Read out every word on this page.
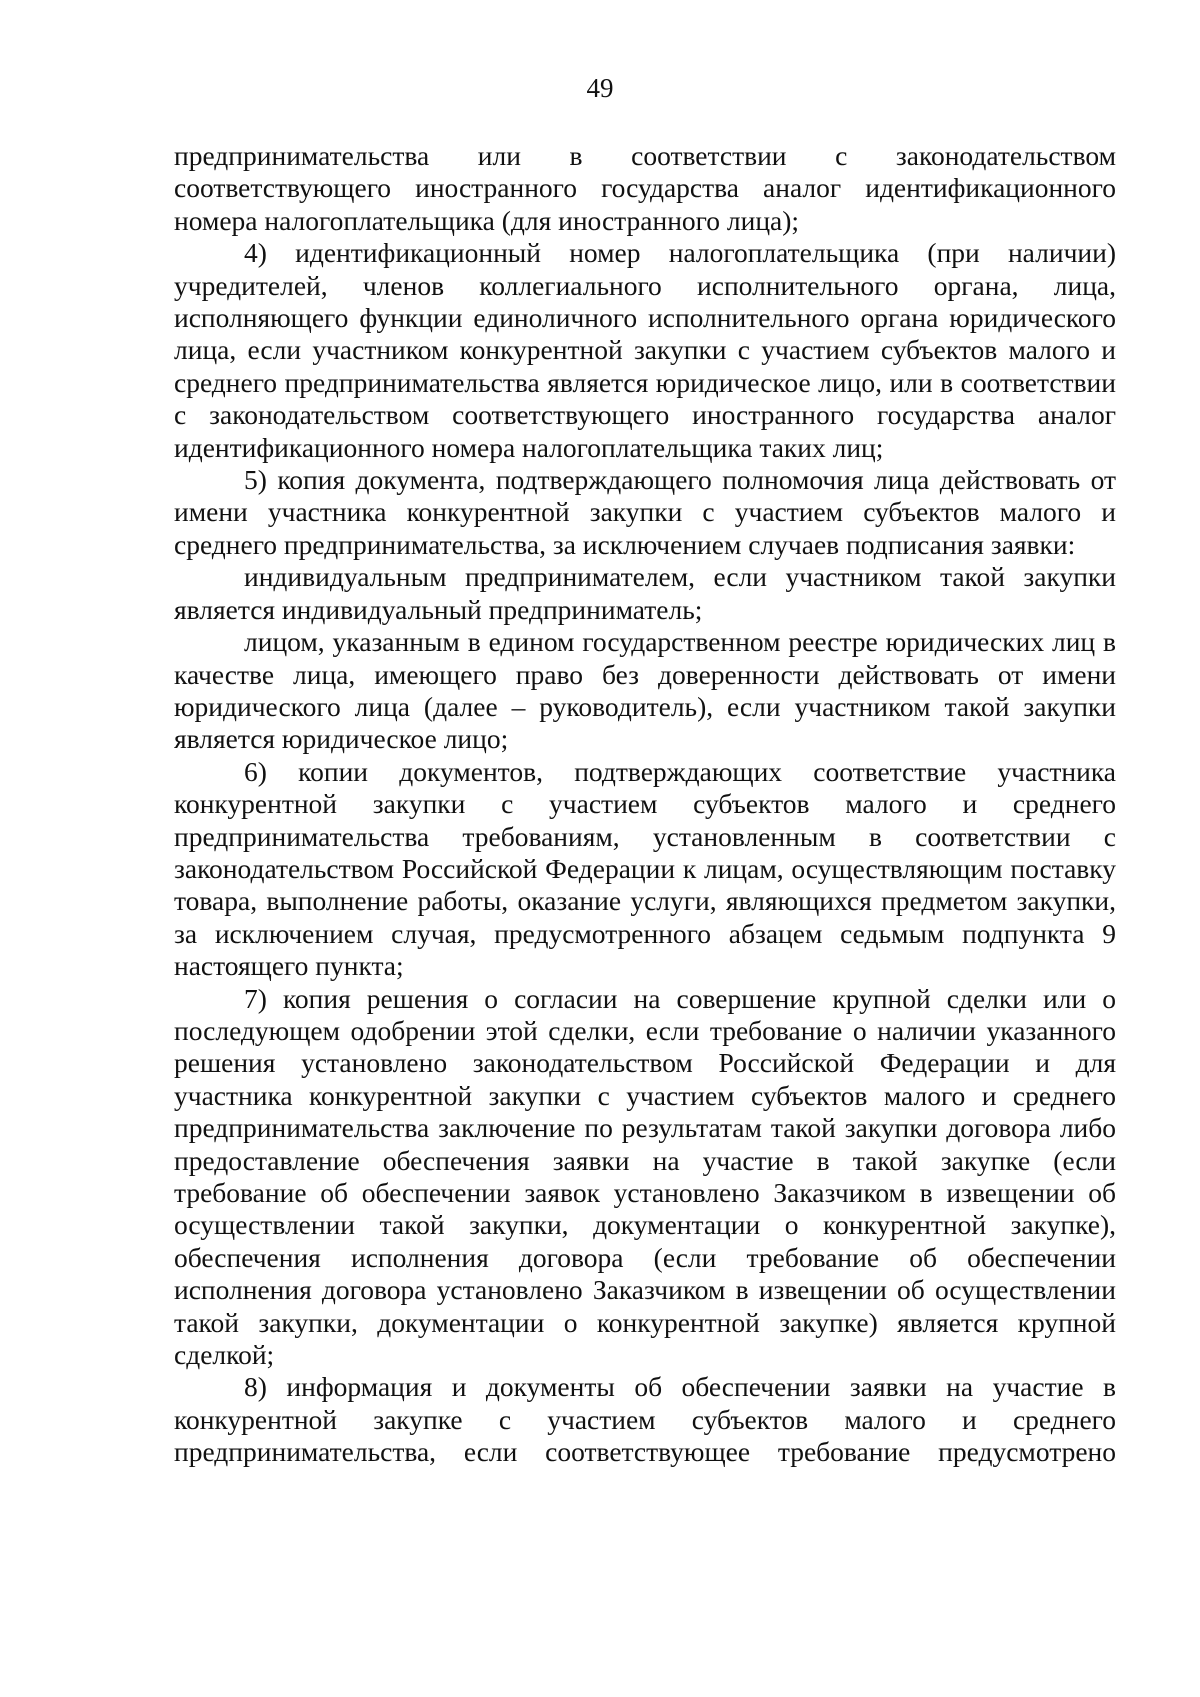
49

предпринимательства или в соответствии с законодательством соответствующего иностранного государства аналог идентификационного номера налогоплательщика (для иностранного лица);

4) идентификационный номер налогоплательщика (при наличии) учредителей, членов коллегиального исполнительного органа, лица, исполняющего функции единоличного исполнительного органа юридического лица, если участником конкурентной закупки с участием субъектов малого и среднего предпринимательства является юридическое лицо, или в соответствии с законодательством соответствующего иностранного государства аналог идентификационного номера налогоплательщика таких лиц;

5) копия документа, подтверждающего полномочия лица действовать от имени участника конкурентной закупки с участием субъектов малого и среднего предпринимательства, за исключением случаев подписания заявки:

индивидуальным предпринимателем, если участником такой закупки является индивидуальный предприниматель;

лицом, указанным в едином государственном реестре юридических лиц в качестве лица, имеющего право без доверенности действовать от имени юридического лица (далее – руководитель), если участником такой закупки является юридическое лицо;

6) копии документов, подтверждающих соответствие участника конкурентной закупки с участием субъектов малого и среднего предпринимательства требованиям, установленным в соответствии с законодательством Российской Федерации к лицам, осуществляющим поставку товара, выполнение работы, оказание услуги, являющихся предметом закупки, за исключением случая, предусмотренного абзацем седьмым подпункта 9 настоящего пункта;

7) копия решения о согласии на совершение крупной сделки или о последующем одобрении этой сделки, если требование о наличии указанного решения установлено законодательством Российской Федерации и для участника конкурентной закупки с участием субъектов малого и среднего предпринимательства заключение по результатам такой закупки договора либо предоставление обеспечения заявки на участие в такой закупке (если требование об обеспечении заявок установлено Заказчиком в извещении об осуществлении такой закупки, документации о конкурентной закупке), обеспечения исполнения договора (если требование об обеспечении исполнения договора установлено Заказчиком в извещении об осуществлении такой закупки, документации о конкурентной закупке) является крупной сделкой;

8) информация и документы об обеспечении заявки на участие в конкурентной закупке с участием субъектов малого и среднего предпринимательства, если соответствующее требование предусмотрено
